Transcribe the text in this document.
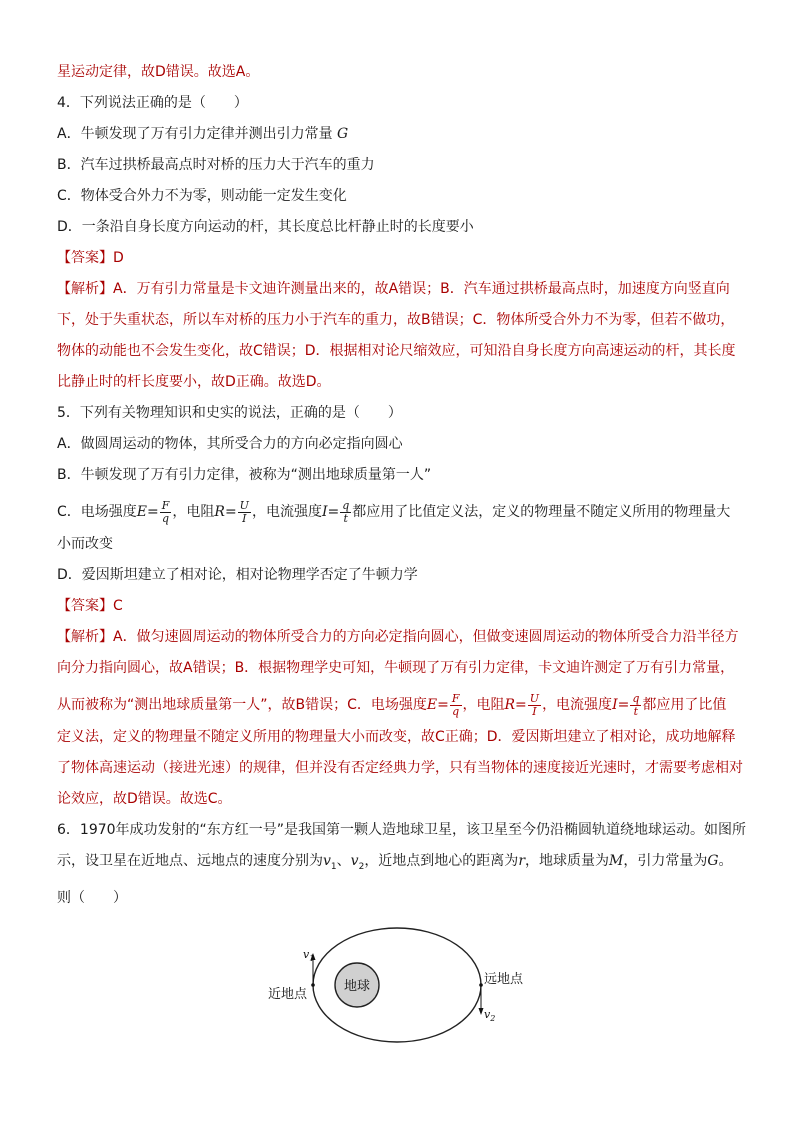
星运动定律，故D错误。故选A。
4．下列说法正确的是（　　）
A．牛顿发现了万有引力定律并测出引力常量 G
B．汽车过拱桥最高点时对桥的压力大于汽车的重力
C．物体受合外力不为零，则动能一定发生变化
D．一条沿自身长度方向运动的杆，其长度总比杆静止时的长度要小
【答案】D
【解析】A．万有引力常量是卡文迪许测量出来的，故A错误；B．汽车通过拱桥最高点时，加速度方向竖直向
下，处于失重状态，所以车对桥的压力小于汽车的重力，故B错误；C．物体所受合外力不为零，但若不做功，
物体的动能也不会发生变化，故C错误；D．根据相对论尺缩效应，可知沿自身长度方向高速运动的杆，其长度
比静止时的杆长度要小，故D正确。故选D。
5．下列有关物理知识和史实的说法，正确的是（　　）
A．做圆周运动的物体，其所受合力的方向必定指向圆心
B．牛顿发现了万有引力定律，被称为“测出地球质量第一人”
C．电场强度$E= \frac{F}{q}$ ，电阻$R= \frac{U}{I}$ ，电流强度$I= \frac{q}{t}$ 都应用了比值定义法，定义的物理量不随定义所用的物理量大
小而改变
D．爱因斯坦建立了相对论，相对论物理学否定了牛顿力学
【答案】C
【解析】A．做匀速圆周运动的物体所受合力的方向必定指向圆心，但做变速圆周运动的物体所受合力沿半径方
向分力指向圆心，故A错误；B．根据物理学史可知，牛顿现了万有引力定律，卡文迪许测定了万有引力常量，
从而被称为“测出地球质量第一人”，故B错误；C．电场强度$E= \frac{F}{q}$ ，电阻$R= \frac{U}{I}$ ，电流强度$I= \frac{q}{t}$ 都应用了比值
定义法，定义的物理量不随定义所用的物理量大小而改变，故C正确；D．爱因斯坦建立了相对论，成功地解释
了物体高速运动（接进光速）的规律，但并没有否定经典力学，只有当物体的速度接近光速时，才需要考虑相对
论效应，故D错误。故选C。
6．1970年成功发射的“东方红一号”是我国第一颗人造地球卫星，该卫星至今仍沿椭圆轨道绕地球运动。如图所
示，设卫星在近地点、远地点的速度分别为$v_1$、$v_2$，近地点到地心的距离为r，地球质量为M，引力常量为G。
则（　　）
地球
$v_1$
$v_2$
近地点
远地点
